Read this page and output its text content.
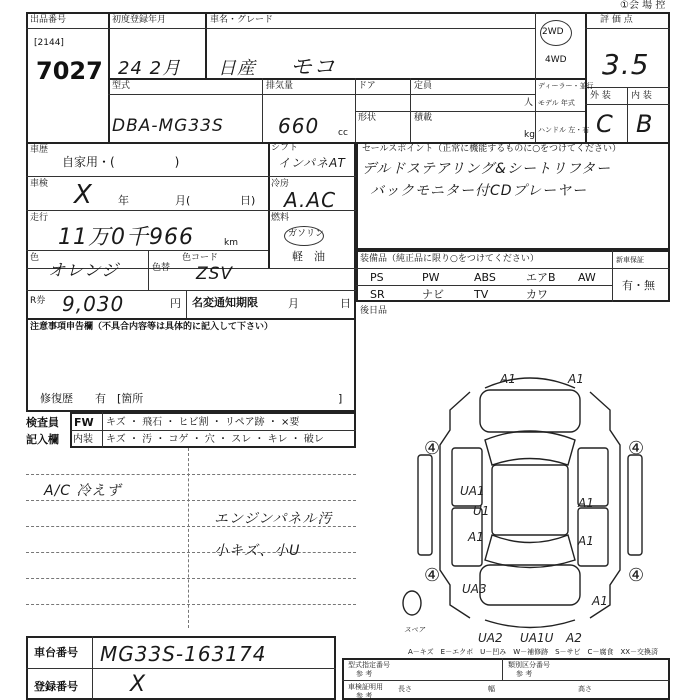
①会 場 控
出品番号
[2144]
7027
初度登録年月	車名・グレード
24 2月 日産 モコ
2WD
4WD
評 価 点
3.5
型式
DBA-MG33S
排気量
660 cc
ドア	定員
人
ディーラー・並行
形状	積載
kg
モデル 年式
ハンドル 左・右
外 装 内 装
C B
車歴
自家用・(　　　　　)
シフト
インパネAT
車検 X 年	月(	日)
冷房
A.AC
走行
11万0千966	km
燃料
ガソリン
軽　油
色
オレンジ	色替
色コード
ZSV
R券 9,030	円 名変通知期限	月	日
注意事項申告欄（不具合内容等は具体的に記入して下さい）
修復歴　　有　[箇所	]
検査員
記入欄
FW キズ ・ 飛石 ・ ヒビ割 ・ リペア跡 ・ ×要
内装 キズ ・ 汚 ・ コゲ ・ 穴 ・ スレ ・ キレ ・ 破レ
A/C 冷えず
エンジンパネル汚
小キズ、小U
セールスポイント（正常に機能するものに○をつけてください）
デルドステアリング&シートリフター
バックモニター付CDプレーヤー
装備品（純正品に限り○をつけてください）	新車保証
有・無
PS	PW	ABS	エアB AW
SR	ナビ	TV	カワ
後日品
A1	A1
④	④
UA1
U1
A1
A1
A1
④	④
UA3
A1
スペア
UA2 UA1U A2
A－キズ　E－エクボ　U－凹み　W－補修跡　S－サビ　C－腐食　XX－交換済
車台番号 MG33S-163174
登録番号 X
型式指定番号
参 考
類別区分番号
参 考
車検証明用
参 考
長さ	幅	高さ
